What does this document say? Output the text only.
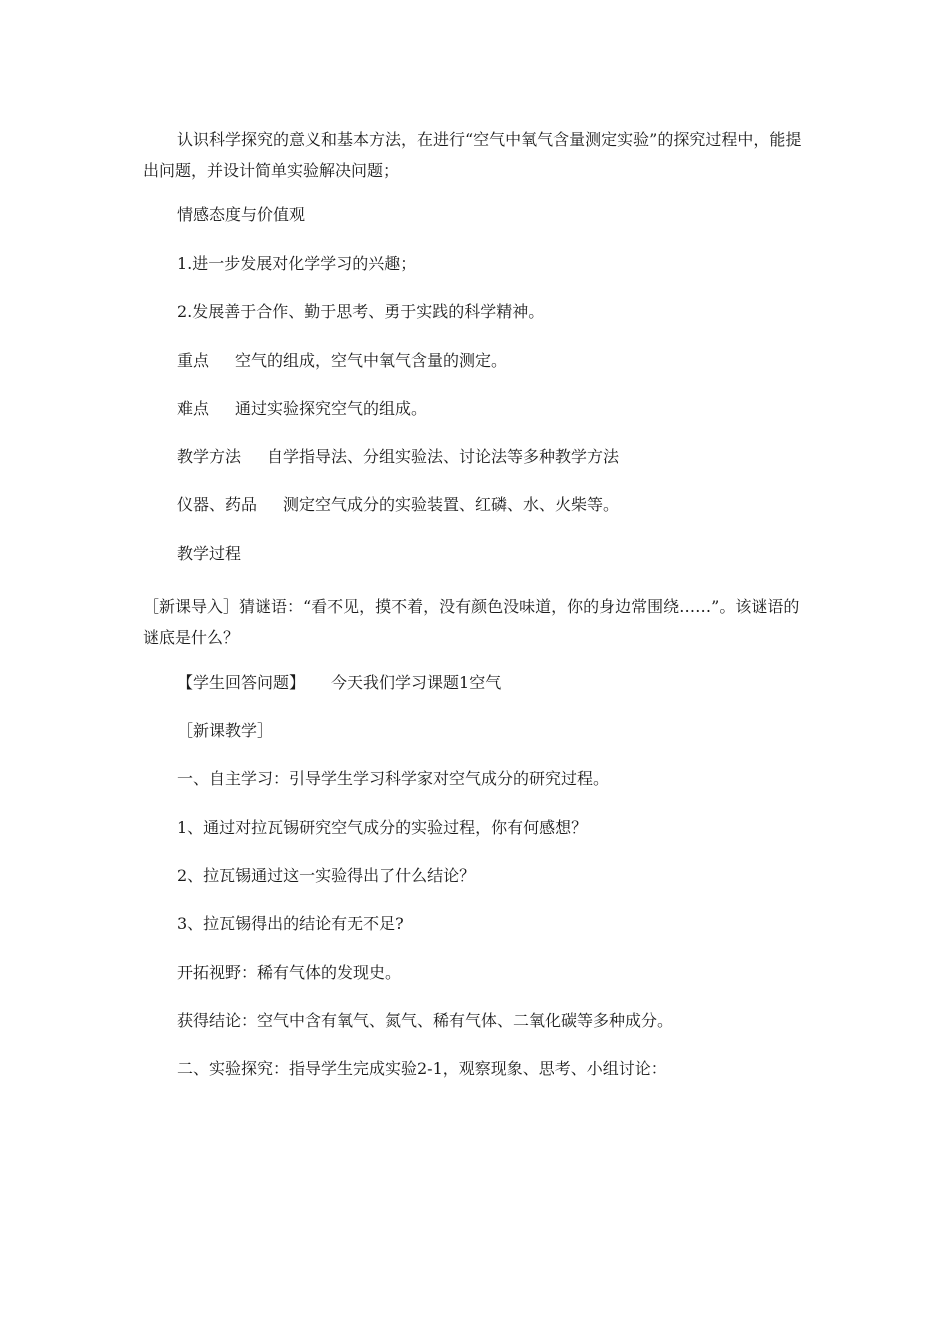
认识科学探究的意义和基本方法，在进行“空气中氧气含量测定实验”的探究过程中，能提出问题，并设计简单实验解决问题；

情感态度与价值观

1.进一步发展对化学学习的兴趣；

2.发展善于合作、勤于思考、勇于实践的科学精神。

重点 空气的组成，空气中氧气含量的测定。

难点 通过实验探究空气的组成。

教学方法 自学指导法、分组实验法、讨论法等多种教学方法

仪器、药品 测定空气成分的实验装置、红磷、水、火柴等。

教学过程

［新课导入］猜谜语：“看不见，摸不着，没有颜色没味道，你的身边常围绕……”。该谜语的谜底是什么？

【学生回答问题】 今天我们学习课题1空气

［新课教学］

一、自主学习：引导学生学习科学家对空气成分的研究过程。

1、通过对拉瓦锡研究空气成分的实验过程，你有何感想？

2、拉瓦锡通过这一实验得出了什么结论？

3、拉瓦锡得出的结论有无不足?

开拓视野：稀有气体的发现史。

获得结论：空气中含有氧气、氮气、稀有气体、二氧化碳等多种成分。

二、实验探究：指导学生完成实验2-1，观察现象、思考、小组讨论：
